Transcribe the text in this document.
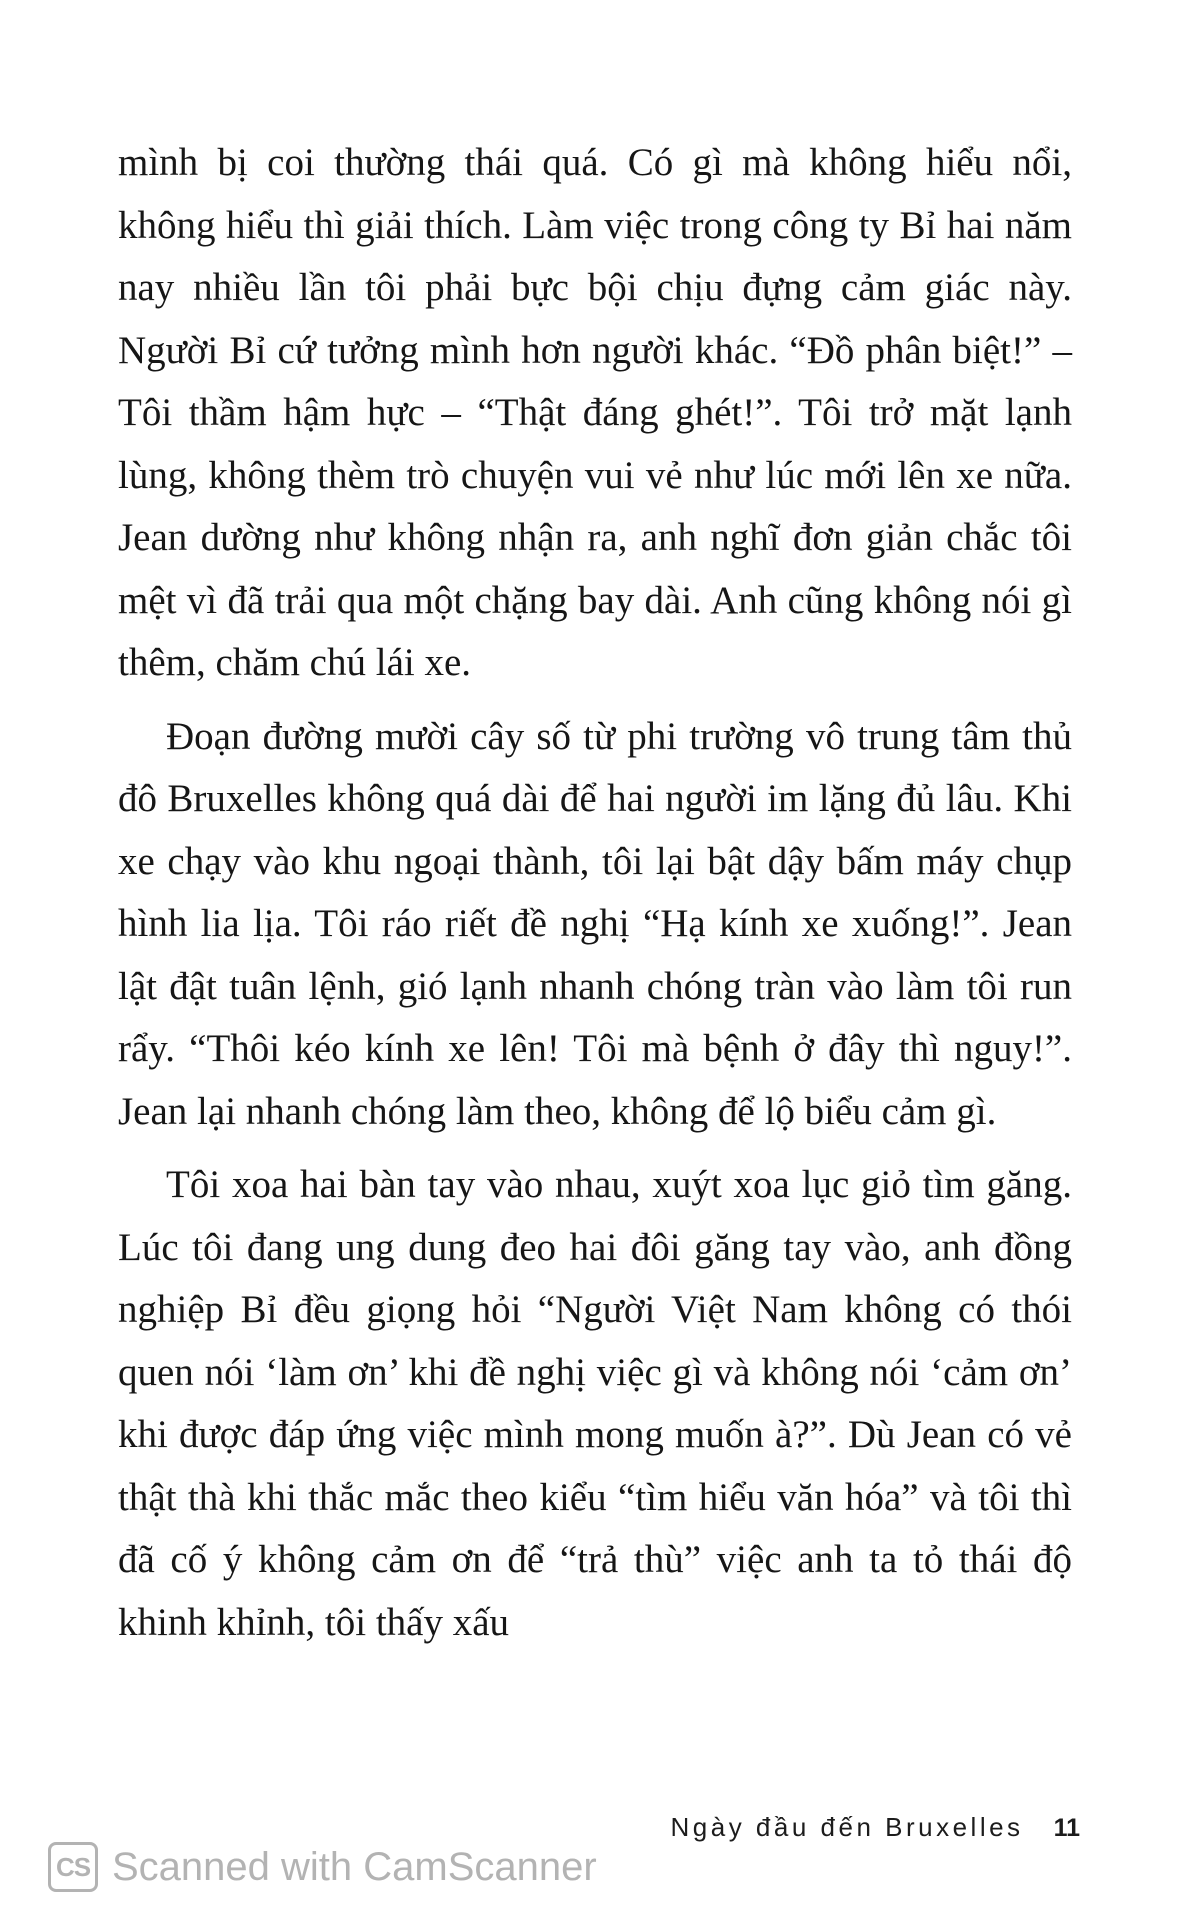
mình bị coi thường thái quá. Có gì mà không hiểu nổi, không hiểu thì giải thích. Làm việc trong công ty Bỉ hai năm nay nhiều lần tôi phải bực bội chịu đựng cảm giác này. Người Bỉ cứ tưởng mình hơn người khác. “Đồ phân biệt!” – Tôi thầm hậm hực – “Thật đáng ghét!”. Tôi trở mặt lạnh lùng, không thèm trò chuyện vui vẻ như lúc mới lên xe nữa. Jean dường như không nhận ra, anh nghĩ đơn giản chắc tôi mệt vì đã trải qua một chặng bay dài. Anh cũng không nói gì thêm, chăm chú lái xe.

Đoạn đường mười cây số từ phi trường vô trung tâm thủ đô Bruxelles không quá dài để hai người im lặng đủ lâu. Khi xe chạy vào khu ngoại thành, tôi lại bật dậy bấm máy chụp hình lia lịa. Tôi ráo riết đề nghị “Hạ kính xe xuống!”. Jean lật đật tuân lệnh, gió lạnh nhanh chóng tràn vào làm tôi run rẩy. “Thôi kéo kính xe lên! Tôi mà bệnh ở đây thì nguy!”. Jean lại nhanh chóng làm theo, không để lộ biểu cảm gì.

Tôi xoa hai bàn tay vào nhau, xuýt xoa lục giỏ tìm găng. Lúc tôi đang ung dung đeo hai đôi găng tay vào, anh đồng nghiệp Bỉ đều giọng hỏi “Người Việt Nam không có thói quen nói ‘làm ơn’ khi đề nghị việc gì và không nói ‘cảm ơn’ khi được đáp ứng việc mình mong muốn à?”. Dù Jean có vẻ thật thà khi thắc mắc theo kiểu “tìm hiểu văn hóa” và tôi thì đã cố ý không cảm ơn để “trả thù” việc anh ta tỏ thái độ khinh khỉnh, tôi thấy xấu

Ngày đầu đến Bruxelles 11
CS Scanned with CamScanner
